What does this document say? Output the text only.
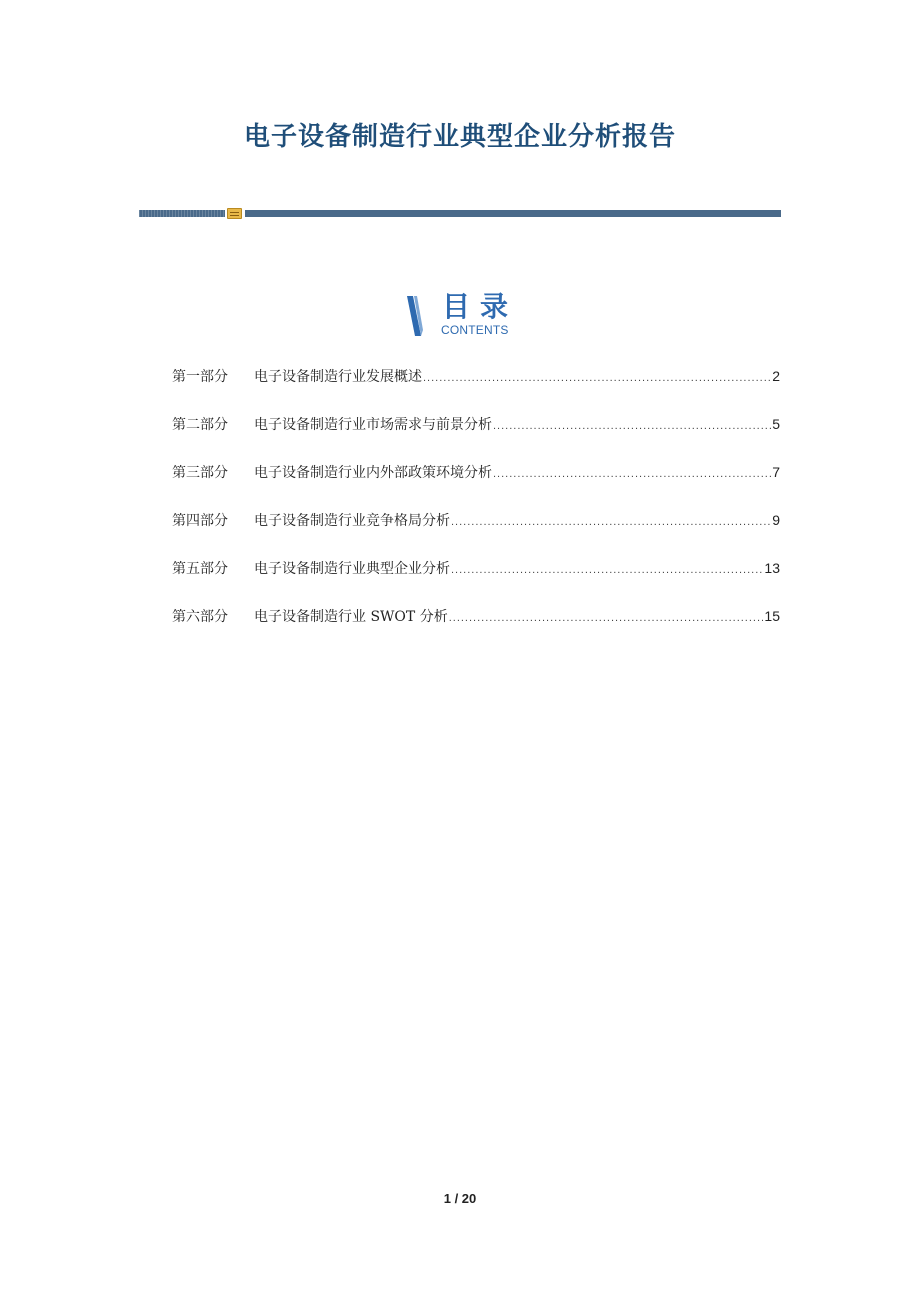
电子设备制造行业典型企业分析报告
目录
CONTENTS
第一部分	电子设备制造行业发展概述 .....	2
第二部分	电子设备制造行业市场需求与前景分析 .....	5
第三部分	电子设备制造行业内外部政策环境分析 .....	7
第四部分	电子设备制造行业竞争格局分析 .....	9
第五部分	电子设备制造行业典型企业分析 .....	13
第六部分	电子设备制造行业 SWOT 分析 .....	15
1 / 20
